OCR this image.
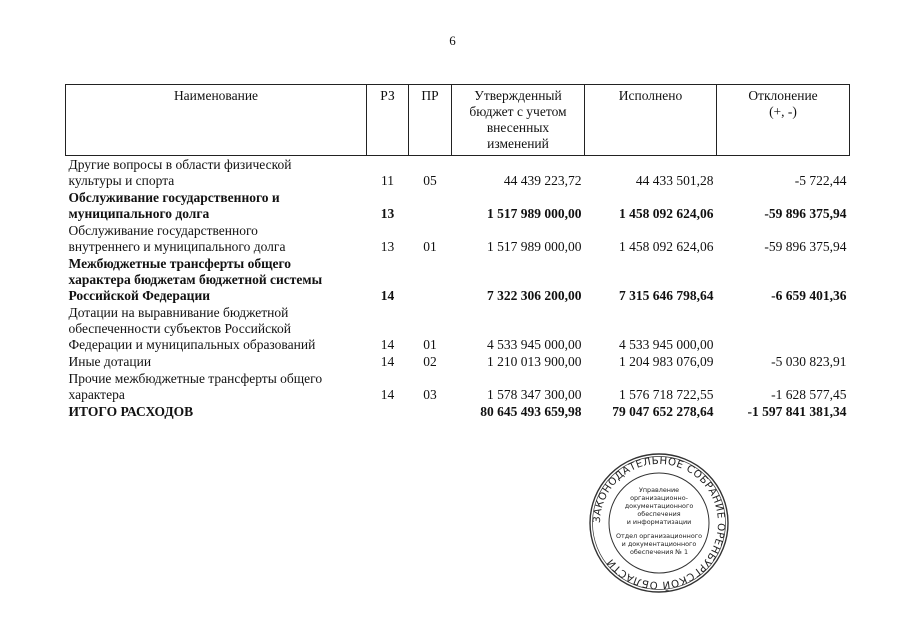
6
Наименование	РЗ	ПР	Утвержденный
бюджет с учетом
внесенных
изменений	Исполнено	Отклонение
(+, -)
Другие вопросы в области физической
культуры и спорта	11	05	44 439 223,72	44 433 501,28	-5 722,44
Обслуживание государственного и
муниципального долга	13		1 517 989 000,00	1 458 092 624,06	-59 896 375,94
Обслуживание государственного
внутреннего и муниципального долга	13	01	1 517 989 000,00	1 458 092 624,06	-59 896 375,94
Межбюджетные трансферты общего
характера бюджетам бюджетной системы
Российской Федерации	14		7 322 306 200,00	7 315 646 798,64	-6 659 401,36
Дотации на выравнивание бюджетной
обеспеченности субъектов Российской
Федерации и муниципальных образований	14	01	4 533 945 000,00	4 533 945 000,00	
Иные дотации	14	02	1 210 013 900,00	1 204 983 076,09	-5 030 823,91
Прочие межбюджетные трансферты общего
характера	14	03	1 578 347 300,00	1 576 718 722,55	-1 628 577,45
ИТОГО РАСХОДОВ			80 645 493 659,98	79 047 652 278,64	-1 597 841 381,34
ЗАКОНОДАТЕЛЬНОЕ СОБРАНИЕ ОРЕНБУРГСКОЙ ОБЛАСТИ
Управление
организационно-
документационного
обеспечения
и информатизации
Отдел организационного
и документационного
обеспечения № 1
